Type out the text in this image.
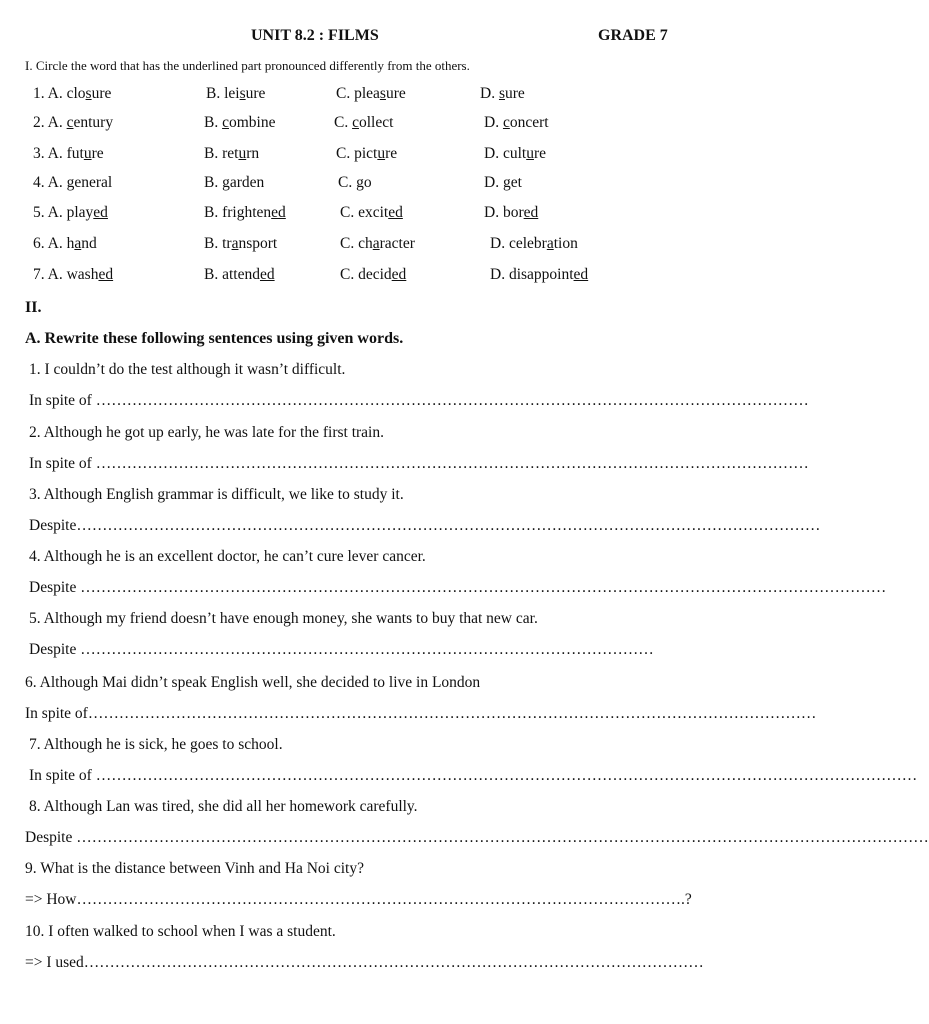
UNIT 8.2 : FILMS	GRADE 7
I. Circle the word that has the underlined part pronounced differently from the others.
1. A. closure	B. leisure	C. pleasure	D. sure
2. A. century	B. combine	C. collect	D. concert
3. A. future	B. return	C. picture	D. culture
4. A. general	B. garden	C. go	D. get
5. A. played	B. frightened	C. excited	D. bored
6. A. hand	B. transport	C. character	D. celebration
7. A. washed	B. attended	C. decided	D. disappointed
II.
A. Rewrite these following sentences using given words.
1. I couldn’t do the test although it wasn’t difficult.
In spite of …………………………………………………………………………………………………………………………
2. Although he got up early, he was late for the first train.
In spite of …………………………………………………………………………………………………………………………
3. Although English grammar is difficult, we like to study it.
Despite………………………………………………………………………………………………………………………………
4. Although he is an excellent doctor, he can’t cure lever cancer.
Despite …………………………………………………………………………………………………………………………………………
5. Although my friend doesn’t have enough money, she wants to buy that new car.
Despite …………………………………………………………………………………………………
6. Although Mai didn’t speak English well, she decided to live in London
In spite of……………………………………………………………………………………………………………………………
7. Although he is sick, he goes to school.
In spite of ……………………………………………………………………………………………………………………………………………
8. Although Lan was tired, she did all her homework carefully.
Despite …………………………………………………………………………………………………………………………………………………
9. What is the distance between Vinh and Ha Noi city?
=> How……………………………………………………………………………………………………….?
10. I often walked to school when I was a student.
=> I used…………………………………………………………………………………………………………
